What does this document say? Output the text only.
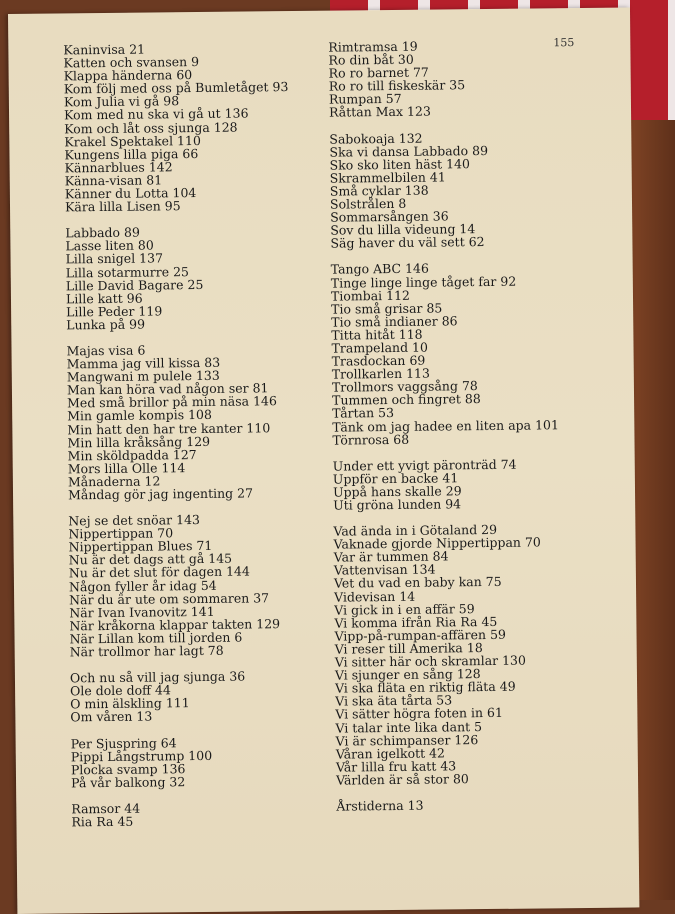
155
Kaninvisa 21
Katten och svansen 9
Klappa händerna 60
Kom följ med oss på Bumletåget 93
Kom Julia vi gå 98
Kom med nu ska vi gå ut 136
Kom och låt oss sjunga 128
Krakel Spektakel 110
Kungens lilla piga 66
Kännarblues 142
Känna-visan 81
Känner du Lotta 104
Kära lilla Lisen 95
Labbado 89
Lasse liten 80
Lilla snigel 137
Lilla sotarmurre 25
Lille David Bagare 25
Lille katt 96
Lille Peder 119
Lunka på 99
Majas visa 6
Mamma jag vill kissa 83
Mangwani m pulele 133
Man kan höra vad någon ser 81
Med små brillor på min näsa 146
Min gamle kompis 108
Min hatt den har tre kanter 110
Min lilla kråksång 129
Min sköldpadda 127
Mors lilla Olle 114
Månaderna 12
Måndag gör jag ingenting 27
Nej se det snöar 143
Nippertippan 70
Nippertippan Blues 71
Nu är det dags att gå 145
Nu är det slut för dagen 144
Någon fyller år idag 54
När du är ute om sommaren 37
När Ivan Ivanovitz 141
När kråkorna klappar takten 129
När Lillan kom till jorden 6
När trollmor har lagt 78
Och nu så vill jag sjunga 36
Ole dole doff 44
O min älskling 111
Om våren 13
Per Sjuspring 64
Pippi Långstrump 100
Plocka svamp 136
På vår balkong 32
Ramsor 44
Ria Ra 45
Rimtramsa 19
Ro din båt 30
Ro ro barnet 77
Ro ro till fiskeskär 35
Rumpan 57
Råttan Max 123
Sabokoaja 132
Ska vi dansa Labbado 89
Sko sko liten häst 140
Skrammelbilen 41
Små cyklar 138
Solstrålen 8
Sommarsången 36
Sov du lilla videung 14
Säg haver du väl sett 62
Tango ABC 146
Tinge linge linge tåget far 92
Tiombai 112
Tio små grisar 85
Tio små indianer 86
Titta hitåt 118
Trampeland 10
Trasdockan 69
Trollkarlen 113
Trollmors vaggsång 78
Tummen och fingret 88
Tårtan 53
Tänk om jag hadee en liten apa 101
Törnrosa 68
Under ett yvigt päronträd 74
Uppför en backe 41
Uppå hans skalle 29
Uti gröna lunden 94
Vad ända in i Götaland 29
Vaknade gjorde Nippertippan 70
Var är tummen 84
Vattenvisan 134
Vet du vad en baby kan 75
Videvisan 14
Vi gick in i en affär 59
Vi komma ifrån Ria Ra 45
Vipp-på-rumpan-affären 59
Vi reser till Amerika 18
Vi sitter här och skramlar 130
Vi sjunger en sång 128
Vi ska fläta en riktig fläta 49
Vi ska äta tårta 53
Vi sätter högra foten in 61
Vi talar inte lika dant 5
Vi är schimpanser 126
Våran igelkott 42
Vår lilla fru katt 43
Världen är så stor 80
Årstiderna 13
